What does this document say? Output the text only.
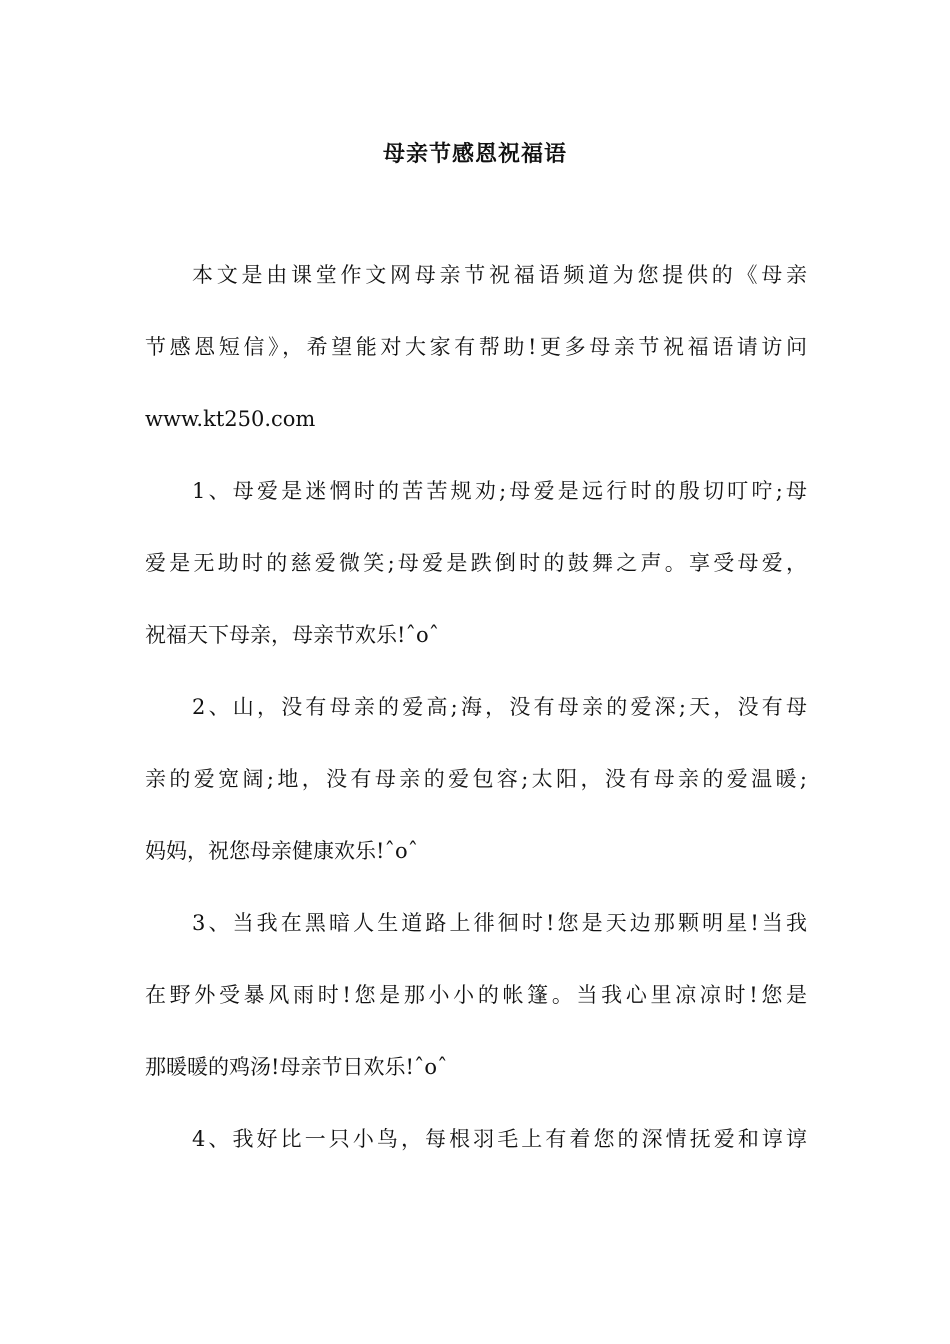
母亲节感恩祝福语
本文是由课堂作文网母亲节祝福语频道为您提供的《母亲
节感恩短信》，希望能对大家有帮助!更多母亲节祝福语请访问
www.kt250.com
1、母爱是迷惘时的苦苦规劝;母爱是远行时的殷切叮咛;母
爱是无助时的慈爱微笑;母爱是跌倒时的鼓舞之声。享受母爱，
祝福天下母亲，母亲节欢乐!ˆoˆ
2、山，没有母亲的爱高;海，没有母亲的爱深;天，没有母
亲的爱宽阔;地，没有母亲的爱包容;太阳，没有母亲的爱温暖;
妈妈，祝您母亲健康欢乐!ˆoˆ
3、当我在黑暗人生道路上徘徊时!您是天边那颗明星!当我
在野外受暴风雨时!您是那小小的帐篷。当我心里凉凉时!您是
那暖暖的鸡汤!母亲节日欢乐!ˆoˆ
4、我好比一只小鸟，每根羽毛上有着您的深情抚爱和谆谆
